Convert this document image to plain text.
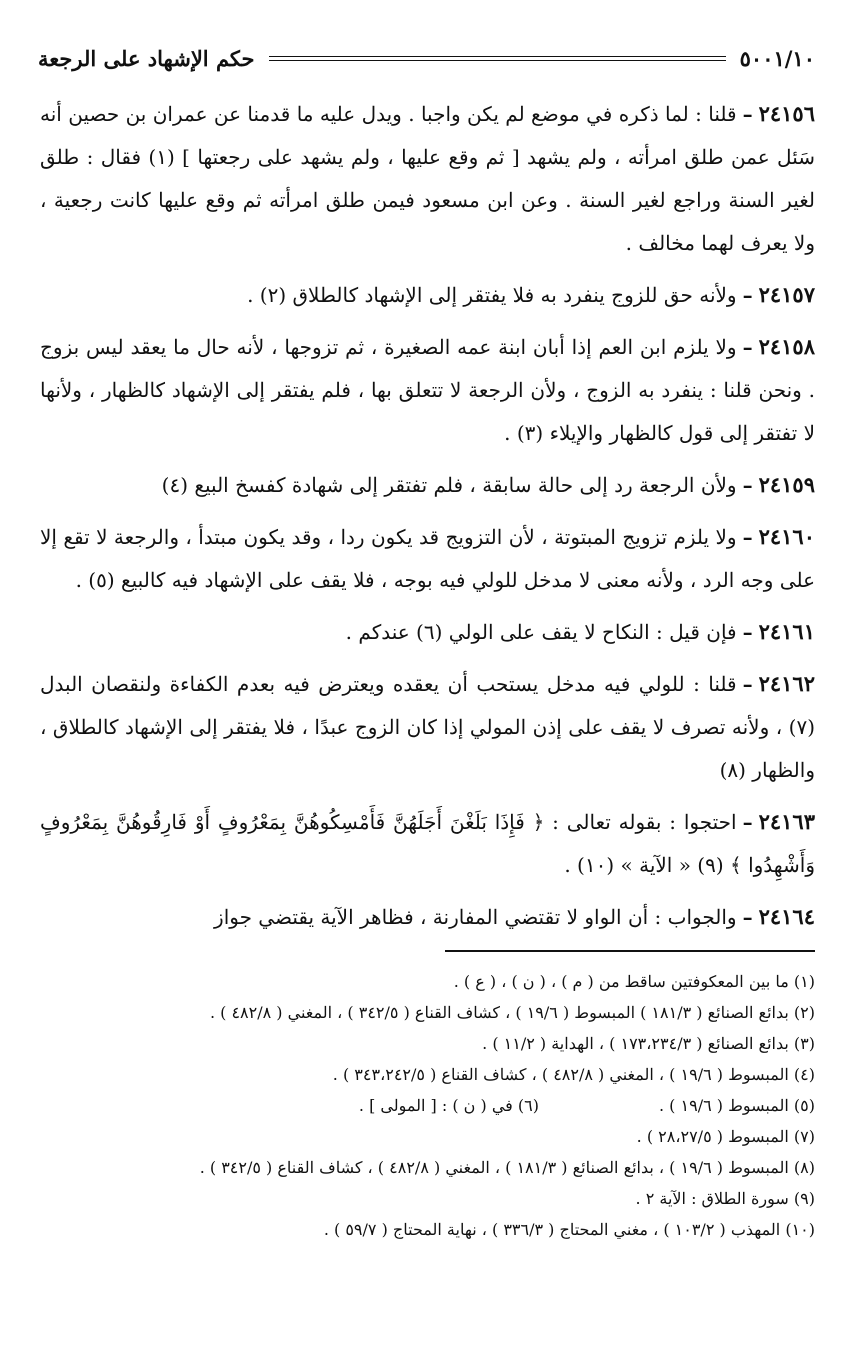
حكم الإشهاد على الرجعة	٥٠٠١/١٠

٢٤١٥٦–قلنا : لما ذكره في موضع لم يكن واجبا . ويدل عليه ما قدمنا عن عمران بن حصين أنه سَئل عمن طلق امرأته ، ولم يشهد [ ثم وقع عليها ، ولم يشهد على رجعتها ] (١) فقال : طلق لغير السنة وراجع لغير السنة . وعن ابن مسعود فيمن طلق امرأته ثم وقع عليها كانت رجعية ، ولا يعرف لهما مخالف .

٢٤١٥٧–ولأنه حق للزوج ينفرد به فلا يفتقر إلى الإشهاد كالطلاق (٢) .

٢٤١٥٨–ولا يلزم ابن العم إذا أبان ابنة عمه الصغيرة ، ثم تزوجها ، لأنه حال ما يعقد ليس بزوج . ونحن قلنا : ينفرد به الزوج ، ولأن الرجعة لا تتعلق بها ، فلم يفتقر إلى الإشهاد كالظهار ، ولأنها لا تفتقر إلى قول كالظهار والإيلاء (٣) .

٢٤١٥٩–ولأن الرجعة رد إلى حالة سابقة ، فلم تفتقر إلى شهادة كفسخ البيع (٤)

٢٤١٦٠–ولا يلزم تزويج المبتوتة ، لأن التزويج قد يكون ردا ، وقد يكون مبتدأ ، والرجعة لا تقع إلا على وجه الرد ، ولأنه معنى لا مدخل للولي فيه بوجه ، فلا يقف على الإشهاد فيه كالبيع (٥) .

٢٤١٦١–فإن قيل : النكاح لا يقف على الولي (٦) عندكم .

٢٤١٦٢–قلنا : للولي فيه مدخل يستحب أن يعقده ويعترض فيه بعدم الكفاءة ولنقصان البدل (٧) ، ولأنه تصرف لا يقف على إذن المولي إذا كان الزوج عبدًا ، فلا يفتقر إلى الإشهاد كالطلاق ، والظهار (٨)

٢٤١٦٣–احتجوا : بقوله تعالى : ﴿ فَإِذَا بَلَغْنَ أَجَلَهُنَّ فَأَمْسِكُوهُنَّ بِمَعْرُوفٍ أَوْ فَارِقُوهُنَّ بِمَعْرُوفٍ وَأَشْهِدُوا ﴾ (٩) « الآية » (١٠) .

٢٤١٦٤–والجواب : أن الواو لا تقتضي المفارنة ، فظاهر الآية يقتضي جواز

(١) ما بين المعكوفتين ساقط من ( م ) ، ( ن ) ، ( ع ) .
(٢) بدائع الصنائع ( ١٨١/٣ ) المبسوط ( ١٩/٦ ) ، كشاف القناع ( ٣٤٢/٥ ) ، المغني ( ٤٨٢/٨ ) .
(٣) بدائع الصنائع ( ١٧٣،٢٣٤/٣ ) ، الهداية ( ١١/٢ ) .
(٤) المبسوط ( ١٩/٦ ) ، المغني ( ٤٨٢/٨ ) ، كشاف القناع ( ٣٤٣،٢٤٢/٥ ) .
(٥) المبسوط ( ١٩/٦ ) .
(٦) في ( ن ) : [ المولى ] .
(٧) المبسوط ( ٢٨،٢٧/٥ ) .
(٨) المبسوط ( ١٩/٦ ) ، بدائع الصنائع ( ١٨١/٣ ) ، المغني ( ٤٨٢/٨ ) ، كشاف القناع ( ٣٤٢/٥ ) .
(٩) سورة الطلاق : الآية ٢ .
(١٠) المهذب ( ١٠٣/٢ ) ، مغني المحتاج ( ٣٣٦/٣ ) ، نهاية المحتاج ( ٥٩/٧ ) .
